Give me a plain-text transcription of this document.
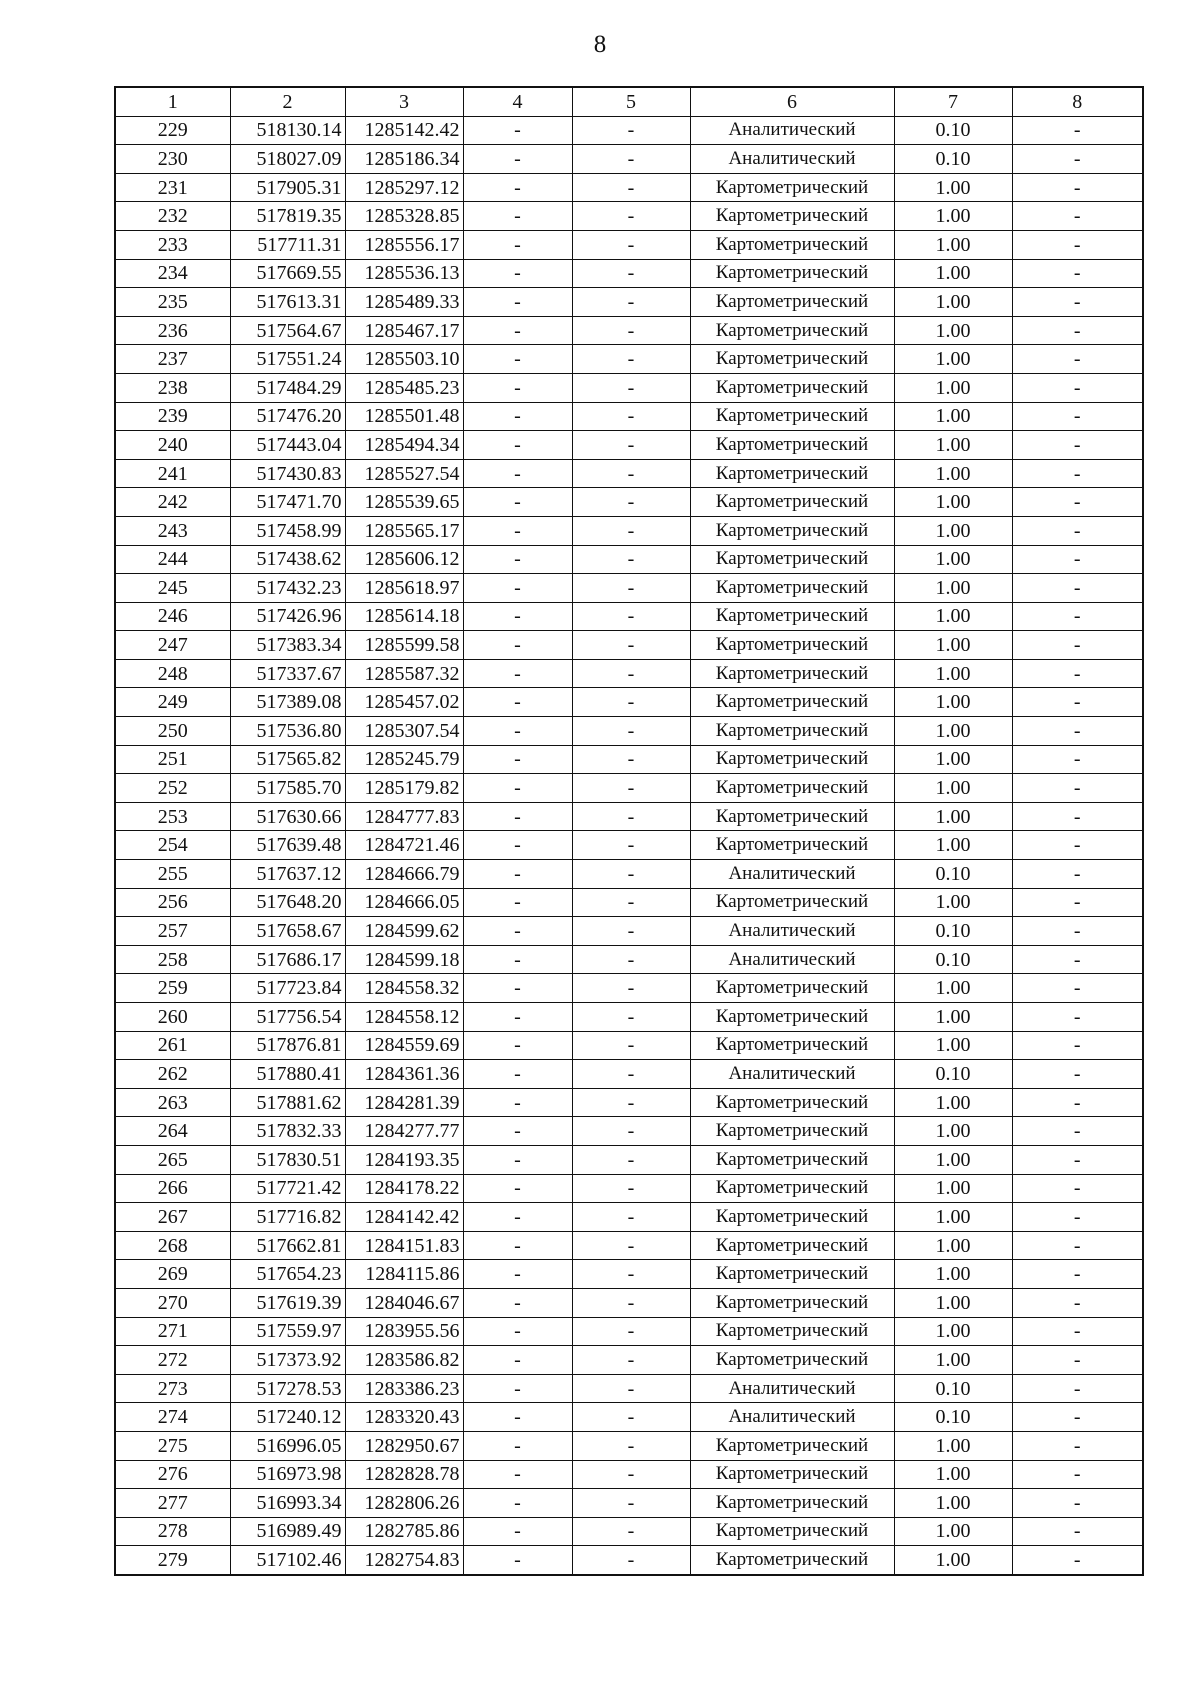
8
1	2	3	4	5	6	7	8
229	518130.14	1285142.42	-	-	Аналитический	0.10	-
230	518027.09	1285186.34	-	-	Аналитический	0.10	-
231	517905.31	1285297.12	-	-	Картометрический	1.00	-
232	517819.35	1285328.85	-	-	Картометрический	1.00	-
233	517711.31	1285556.17	-	-	Картометрический	1.00	-
234	517669.55	1285536.13	-	-	Картометрический	1.00	-
235	517613.31	1285489.33	-	-	Картометрический	1.00	-
236	517564.67	1285467.17	-	-	Картометрический	1.00	-
237	517551.24	1285503.10	-	-	Картометрический	1.00	-
238	517484.29	1285485.23	-	-	Картометрический	1.00	-
239	517476.20	1285501.48	-	-	Картометрический	1.00	-
240	517443.04	1285494.34	-	-	Картометрический	1.00	-
241	517430.83	1285527.54	-	-	Картометрический	1.00	-
242	517471.70	1285539.65	-	-	Картометрический	1.00	-
243	517458.99	1285565.17	-	-	Картометрический	1.00	-
244	517438.62	1285606.12	-	-	Картометрический	1.00	-
245	517432.23	1285618.97	-	-	Картометрический	1.00	-
246	517426.96	1285614.18	-	-	Картометрический	1.00	-
247	517383.34	1285599.58	-	-	Картометрический	1.00	-
248	517337.67	1285587.32	-	-	Картометрический	1.00	-
249	517389.08	1285457.02	-	-	Картометрический	1.00	-
250	517536.80	1285307.54	-	-	Картометрический	1.00	-
251	517565.82	1285245.79	-	-	Картометрический	1.00	-
252	517585.70	1285179.82	-	-	Картометрический	1.00	-
253	517630.66	1284777.83	-	-	Картометрический	1.00	-
254	517639.48	1284721.46	-	-	Картометрический	1.00	-
255	517637.12	1284666.79	-	-	Аналитический	0.10	-
256	517648.20	1284666.05	-	-	Картометрический	1.00	-
257	517658.67	1284599.62	-	-	Аналитический	0.10	-
258	517686.17	1284599.18	-	-	Аналитический	0.10	-
259	517723.84	1284558.32	-	-	Картометрический	1.00	-
260	517756.54	1284558.12	-	-	Картометрический	1.00	-
261	517876.81	1284559.69	-	-	Картометрический	1.00	-
262	517880.41	1284361.36	-	-	Аналитический	0.10	-
263	517881.62	1284281.39	-	-	Картометрический	1.00	-
264	517832.33	1284277.77	-	-	Картометрический	1.00	-
265	517830.51	1284193.35	-	-	Картометрический	1.00	-
266	517721.42	1284178.22	-	-	Картометрический	1.00	-
267	517716.82	1284142.42	-	-	Картометрический	1.00	-
268	517662.81	1284151.83	-	-	Картометрический	1.00	-
269	517654.23	1284115.86	-	-	Картометрический	1.00	-
270	517619.39	1284046.67	-	-	Картометрический	1.00	-
271	517559.97	1283955.56	-	-	Картометрический	1.00	-
272	517373.92	1283586.82	-	-	Картометрический	1.00	-
273	517278.53	1283386.23	-	-	Аналитический	0.10	-
274	517240.12	1283320.43	-	-	Аналитический	0.10	-
275	516996.05	1282950.67	-	-	Картометрический	1.00	-
276	516973.98	1282828.78	-	-	Картометрический	1.00	-
277	516993.34	1282806.26	-	-	Картометрический	1.00	-
278	516989.49	1282785.86	-	-	Картометрический	1.00	-
279	517102.46	1282754.83	-	-	Картометрический	1.00	-
